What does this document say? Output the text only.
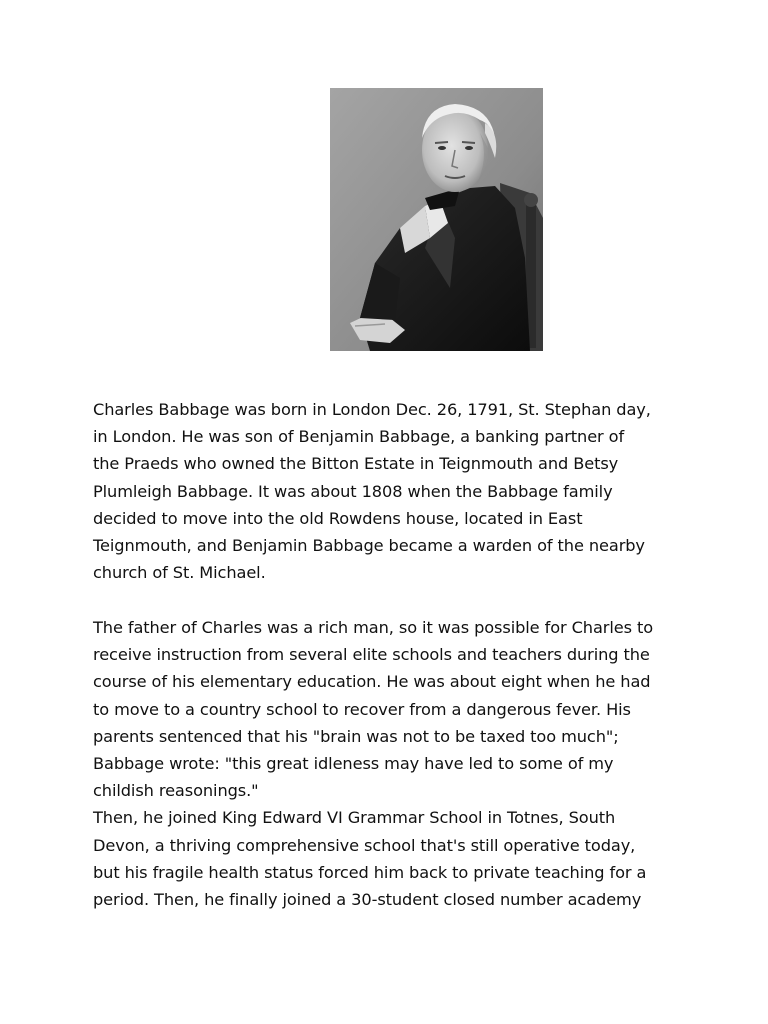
Charles Babbage was born in London Dec. 26, 1791, St. Stephan day,
in London. He was son of Benjamin Babbage, a banking partner of
the Praeds who owned the Bitton Estate in Teignmouth and Betsy
Plumleigh Babbage. It was about 1808 when the Babbage family
decided to move into the old Rowdens house, located in East
Teignmouth, and Benjamin Babbage became a warden of the nearby
church of St. Michael.

The father of Charles was a rich man, so it was possible for Charles to
receive instruction from several elite schools and teachers during the
course of his elementary education. He was about eight when he had
to move to a country school to recover from a dangerous fever. His
parents sentenced that his "brain was not to be taxed too much";
Babbage wrote: "this great idleness may have led to some of my
childish reasonings."
Then, he joined King Edward VI Grammar School in Totnes, South
Devon, a thriving comprehensive school that's still operative today,
but his fragile health status forced him back to private teaching for a
period. Then, he finally joined a 30-student closed number academy
